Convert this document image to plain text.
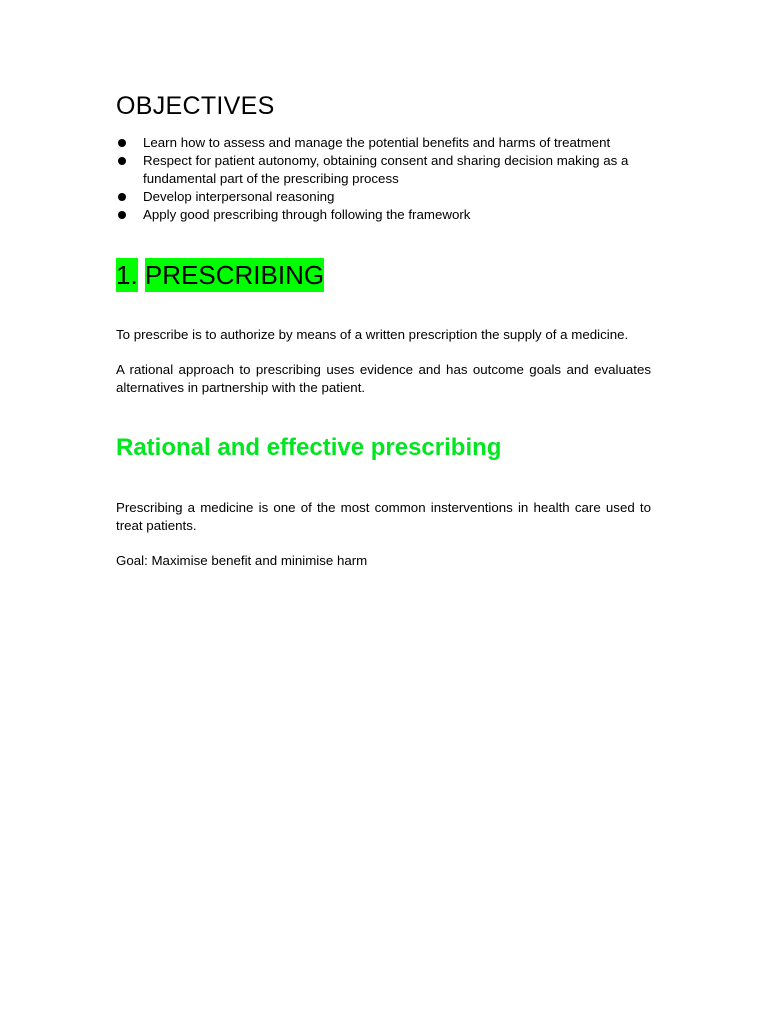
OBJECTIVES
Learn how to assess and manage the potential benefits and harms of treatment
Respect for patient autonomy, obtaining consent and sharing decision making as a fundamental part of the prescribing process
Develop interpersonal reasoning
Apply good prescribing through following the framework
1. PRESCRIBING

To prescribe is to authorize by means of a written prescription the supply of a medicine.

A rational approach to prescribing uses evidence and has outcome goals and evaluates alternatives in partnership with the patient.

Rational and effective prescribing

Prescribing a medicine is one of the most common insterventions in health care used to treat patients.

Goal: Maximise benefit and minimise harm
